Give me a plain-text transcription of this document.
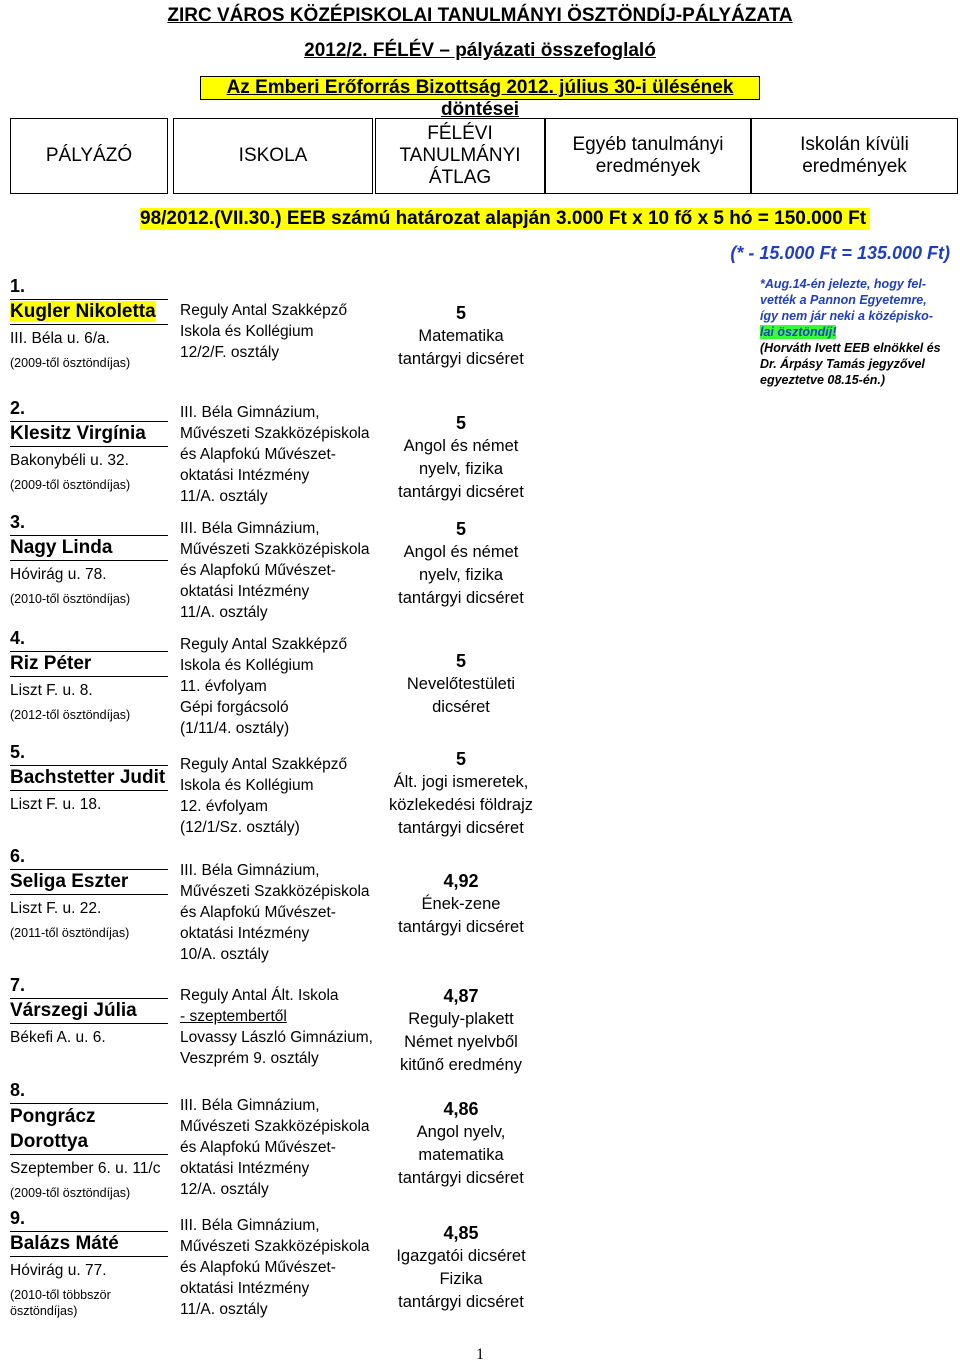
ZIRC VÁROS KÖZÉPISKOLAI TANULMÁNYI ÖSZTÖNDÍJ-PÁLYÁZATA
2012/2. FÉLÉV – pályázati összefoglaló
Az Emberi Erőforrás Bizottság 2012. július 30-i ülésének döntései
PÁLYÁZÓ	ISKOLA
FÉLÉVI
TANULMÁNYI
ÁTLAG
Egyéb tanulmányi
eredmények
Iskolán kívüli
eredmények
98/2012.(VII.30.) EEB számú határozat alapján 3.000 Ft x 10 fő x 5 hó = 150.000 Ft
(* - 15.000 Ft = 135.000 Ft)
1.
Kugler Nikoletta
III. Béla u. 6/a.
(2009-től ösztöndíjas)
Reguly Antal Szakképző
Iskola és Kollégium
12/2/F. osztály
5
Matematika
tantárgyi dicséret
2.
Klesitz Virgínia
Bakonybéli u. 32.
(2009-től ösztöndíjas)
III. Béla Gimnázium,
Művészeti Szakközépiskola
és Alapfokú Művészet-
oktatási Intézmény
11/A. osztály
5
Angol és német
nyelv, fizika
tantárgyi dicséret
3.
Nagy Linda
Hóvirág u. 78.
(2010-től ösztöndíjas)
III. Béla Gimnázium,
Művészeti Szakközépiskola
és Alapfokú Művészet-
oktatási Intézmény
11/A. osztály
5
Angol és német
nyelv, fizika
tantárgyi dicséret
4.
Riz Péter
Liszt F. u. 8.
(2012-től ösztöndíjas)
Reguly Antal Szakképző
Iskola és Kollégium
11. évfolyam
Gépi forgácsoló
(1/11/4. osztály)
5
Nevelőtestületi
dicséret
5.
Bachstetter Judit
Liszt F. u. 18.
Reguly Antal Szakképző
Iskola és Kollégium
12. évfolyam
(12/1/Sz. osztály)
5
Ált. jogi ismeretek,
közlekedési földrajz
tantárgyi dicséret
6.
Seliga Eszter
Liszt F. u. 22.
(2011-től ösztöndíjas)
III. Béla Gimnázium,
Művészeti Szakközépiskola
és Alapfokú Művészet-
oktatási Intézmény
10/A. osztály
4,92
Ének-zene
tantárgyi dicséret
7.
Várszegi Júlia
Békefi A. u. 6.
Reguly Antal Ált. Iskola
- szeptembertől
Lovassy László Gimnázium,
Veszprém 9. osztály
4,87
Reguly-plakett
Német nyelvből
kitűnő eredmény
8.
Pongrácz Dorottya
Szeptember 6. u. 11/c
(2009-től ösztöndíjas)
III. Béla Gimnázium,
Művészeti Szakközépiskola
és Alapfokú Művészet-
oktatási Intézmény
12/A. osztály
4,86
Angol nyelv,
matematika
tantárgyi dicséret
9.
Balázs Máté
Hóvirág u. 77.
(2010-től többször ösztöndíjas)
III. Béla Gimnázium,
Művészeti Szakközépiskola
és Alapfokú Művészet-
oktatási Intézmény
11/A. osztály
4,85
Igazgatói dicséret
Fizika
tantárgyi dicséret
*Aug.14-én jelezte, hogy fel-
vették a Pannon Egyetemre,
így nem jár neki a középisko-
lai ösztöndíj!
(Horváth Ivett EEB elnökkel és
Dr. Árpásy Tamás jegyzővel
egyeztetve 08.15-én.)
1
